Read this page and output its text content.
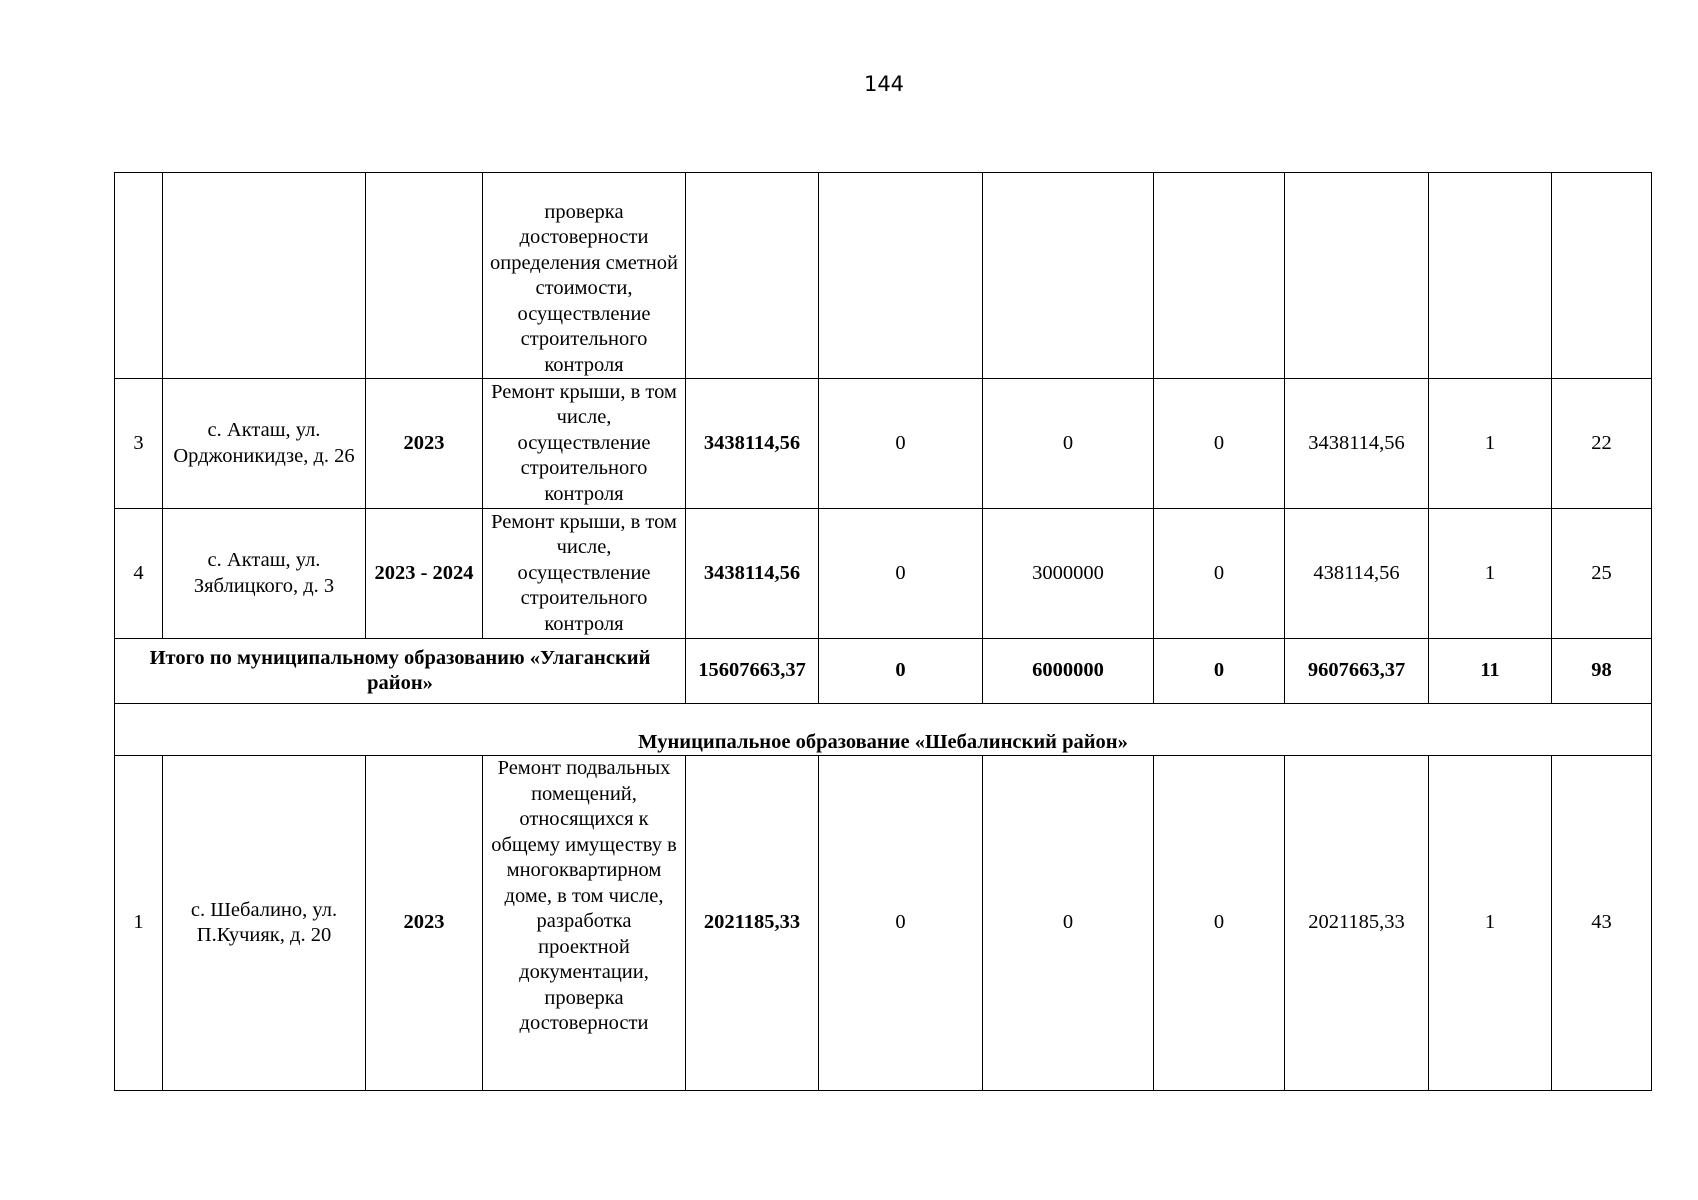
144
			проверка достоверности определения сметной стоимости, осуществление строительного контроля							
3	с. Акташ, ул. Орджоникидзе, д. 26	2023	Ремонт крыши, в том числе, осуществление строительного контроля	3438114,56	0	0	0	3438114,56	1	22
4	с. Акташ, ул. Зяблицкого, д. 3	2023 - 2024	Ремонт крыши, в том числе, осуществление строительного контроля	3438114,56	0	3000000	0	438114,56	1	25
Итого по муниципальному образованию «Улаганский район»				15607663,37	0	6000000	0	9607663,37	11	98
Муниципальное образование «Шебалинский район»										
1	с. Шебалино, ул. П.Кучияк, д. 20	2023	Ремонт подвальных помещений, относящихся к общему имуществу в многоквартирном доме, в том числе, разработка проектной документации, проверка достоверности	2021185,33	0	0	0	2021185,33	1	43
